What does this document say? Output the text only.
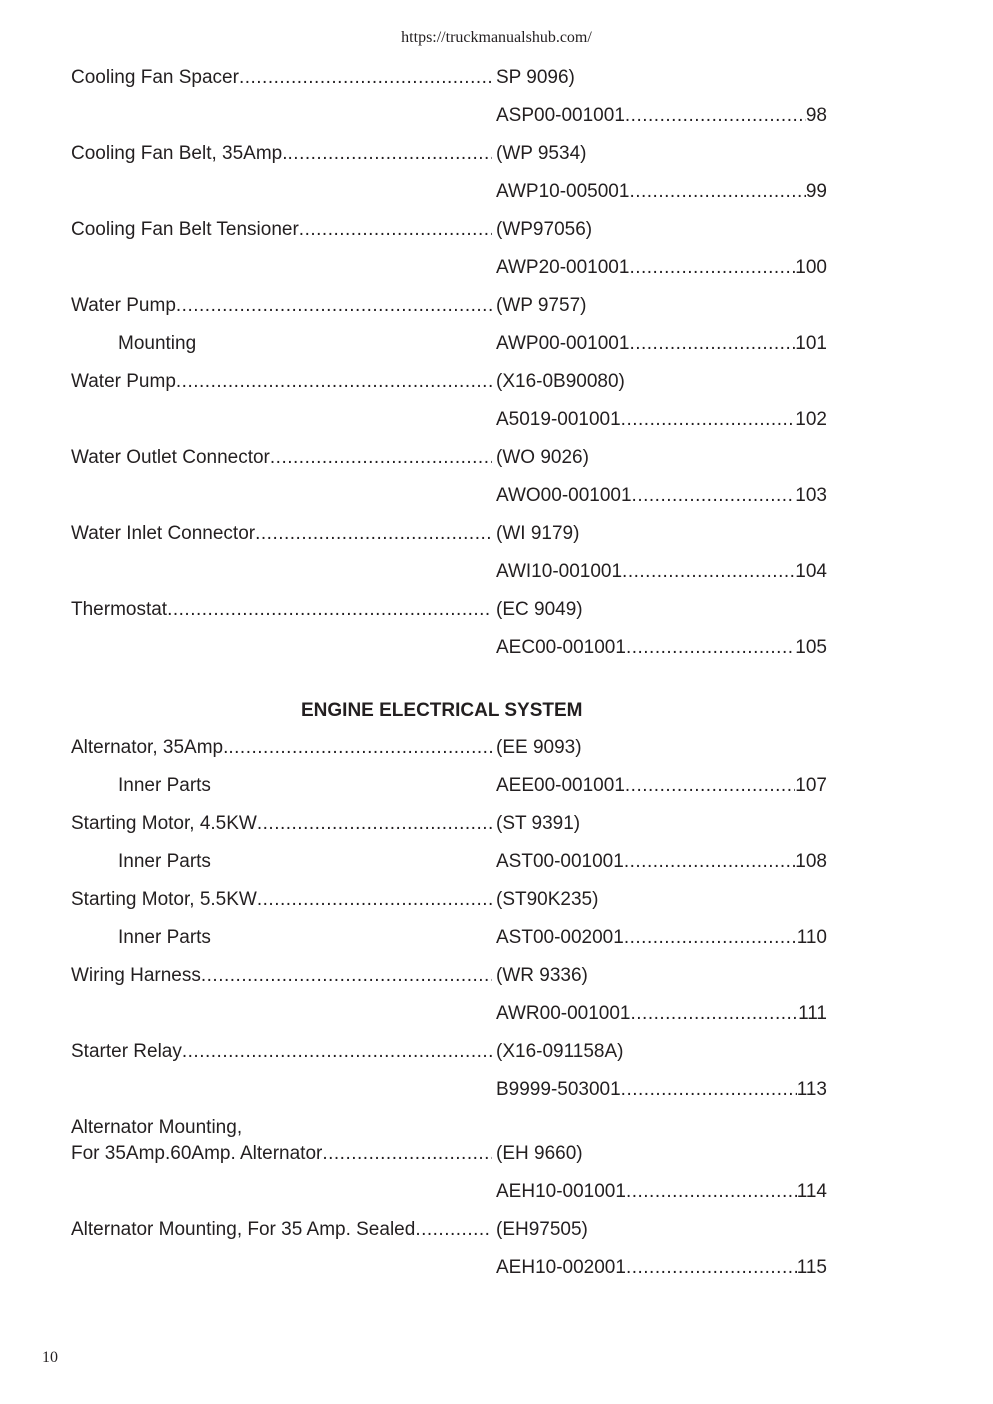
https://truckmanualshub.com/
Cooling Fan Spacer .....	SP 9096)
ASP00-001001 .....	98
Cooling Fan Belt, 35Amp. .....	(WP 9534)
AWP10-005001 .....	99
Cooling Fan Belt Tensioner .....	(WP97056)
AWP20-001001 .....	100
Water Pump .....	(WP 9757)
Mounting	AWP00-001001 .....	101
Water Pump .....	(X16-0B90080)
A5019-001001 .....	102
Water Outlet Connector .....	(WO 9026)
AWO00-001001 .....	103
Water Inlet Connector .....	(WI 9179)
AWI10-001001 .....	104
Thermostat .....	(EC 9049)
AEC00-001001 .....	105
Alternator, 35Amp. .....	(EE 9093)
Inner Parts	AEE00-001001 .....	107
Starting Motor, 4.5KW .....	(ST 9391)
Inner Parts	AST00-001001 .....	108
Starting Motor, 5.5KW .....	(ST90K235)
Inner Parts	AST00-002001 .....	110
Wiring Harness .....	(WR 9336)
AWR00-001001 .....	111
Starter Relay .....	(X16-091158A)
B9999-503001 .....	113
Alternator Mounting,
For 35Amp.60Amp. Alternator .....	(EH 9660)
AEH10-001001 .....	114
Alternator Mounting, For 35 Amp. Sealed .....	(EH97505)
AEH10-002001 .....	115
ENGINE ELECTRICAL SYSTEM
10
